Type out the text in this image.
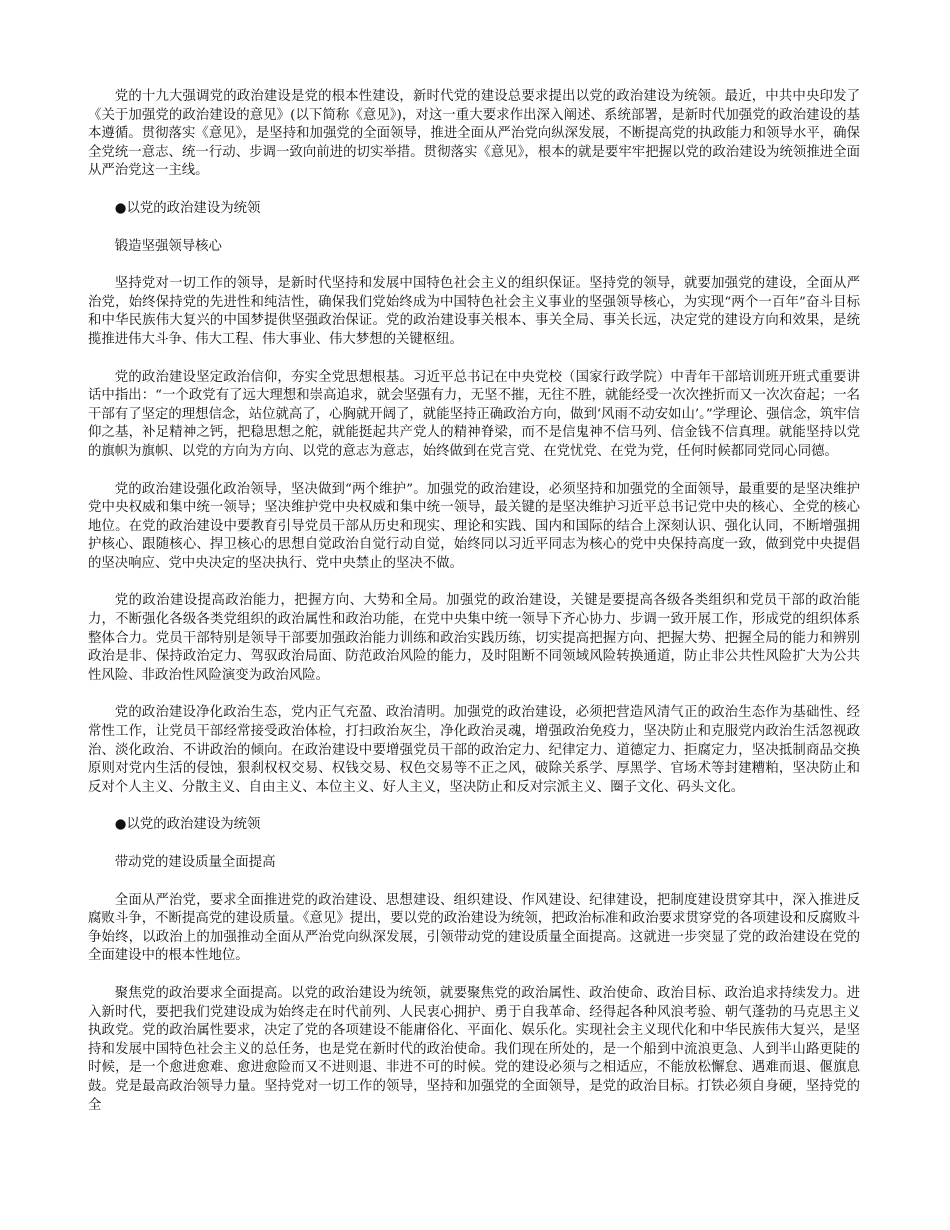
党的十九大强调党的政治建设是党的根本性建设，新时代党的建设总要求提出以党的政治建设为统领。最近，中共中央印发了《关于加强党的政治建设的意见》(以下简称《意见》)，对这一重大要求作出深入阐述、系统部署，是新时代加强党的政治建设的基本遵循。贯彻落实《意见》，是坚持和加强党的全面领导，推进全面从严治党向纵深发展，不断提高党的执政能力和领导水平，确保全党统一意志、统一行动、步调一致向前进的切实举措。贯彻落实《意见》，根本的就是要牢牢把握以党的政治建设为统领推进全面从严治党这一主线。

●以党的政治建设为统领

锻造坚强领导核心

坚持党对一切工作的领导，是新时代坚持和发展中国特色社会主义的组织保证。坚持党的领导，就要加强党的建设，全面从严治党，始终保持党的先进性和纯洁性，确保我们党始终成为中国特色社会主义事业的坚强领导核心，为实现“两个一百年”奋斗目标和中华民族伟大复兴的中国梦提供坚强政治保证。党的政治建设事关根本、事关全局、事关长远，决定党的建设方向和效果，是统揽推进伟大斗争、伟大工程、伟大事业、伟大梦想的关键枢纽。

党的政治建设坚定政治信仰，夯实全党思想根基。习近平总书记在中央党校（国家行政学院）中青年干部培训班开班式重要讲话中指出：“一个政党有了远大理想和崇高追求，就会坚强有力，无坚不摧，无往不胜，就能经受一次次挫折而又一次次奋起；一名干部有了坚定的理想信念，站位就高了，心胸就开阔了，就能坚持正确政治方向，做到‘风雨不动安如山’。”学理论、强信念，筑牢信仰之基，补足精神之钙，把稳思想之舵，就能挺起共产党人的精神脊梁，而不是信鬼神不信马列、信金钱不信真理。就能坚持以党的旗帜为旗帜、以党的方向为方向、以党的意志为意志，始终做到在党言党、在党忧党、在党为党，任何时候都同党同心同德。

党的政治建设强化政治领导，坚决做到“两个维护”。加强党的政治建设，必须坚持和加强党的全面领导，最重要的是坚决维护党中央权威和集中统一领导；坚决维护党中央权威和集中统一领导，最关键的是坚决维护习近平总书记党中央的核心、全党的核心地位。在党的政治建设中要教育引导党员干部从历史和现实、理论和实践、国内和国际的结合上深刻认识、强化认同，不断增强拥护核心、跟随核心、捍卫核心的思想自觉政治自觉行动自觉，始终同以习近平同志为核心的党中央保持高度一致，做到党中央提倡的坚决响应、党中央决定的坚决执行、党中央禁止的坚决不做。

党的政治建设提高政治能力，把握方向、大势和全局。加强党的政治建设，关键是要提高各级各类组织和党员干部的政治能力，不断强化各级各类党组织的政治属性和政治功能，在党中央集中统一领导下齐心协力、步调一致开展工作，形成党的组织体系整体合力。党员干部特别是领导干部要加强政治能力训练和政治实践历练，切实提高把握方向、把握大势、把握全局的能力和辨别政治是非、保持政治定力、驾驭政治局面、防范政治风险的能力，及时阻断不同领域风险转换通道，防止非公共性风险扩大为公共性风险、非政治性风险演变为政治风险。

党的政治建设净化政治生态，党内正气充盈、政治清明。加强党的政治建设，必须把营造风清气正的政治生态作为基础性、经常性工作，让党员干部经常接受政治体检，打扫政治灰尘，净化政治灵魂，增强政治免疫力，坚决防止和克服党内政治生活忽视政治、淡化政治、不讲政治的倾向。在政治建设中要增强党员干部的政治定力、纪律定力、道德定力、拒腐定力，坚决抵制商品交换原则对党内生活的侵蚀，狠刹权权交易、权钱交易、权色交易等不正之风，破除关系学、厚黑学、官场术等封建糟粕，坚决防止和反对个人主义、分散主义、自由主义、本位主义、好人主义，坚决防止和反对宗派主义、圈子文化、码头文化。

●以党的政治建设为统领

带动党的建设质量全面提高

全面从严治党，要求全面推进党的政治建设、思想建设、组织建设、作风建设、纪律建设，把制度建设贯穿其中，深入推进反腐败斗争，不断提高党的建设质量。《意见》提出，要以党的政治建设为统领，把政治标准和政治要求贯穿党的各项建设和反腐败斗争始终，以政治上的加强推动全面从严治党向纵深发展，引领带动党的建设质量全面提高。这就进一步突显了党的政治建设在党的全面建设中的根本性地位。

聚焦党的政治要求全面提高。以党的政治建设为统领，就要聚焦党的政治属性、政治使命、政治目标、政治追求持续发力。进入新时代，要把我们党建设成为始终走在时代前列、人民衷心拥护、勇于自我革命、经得起各种风浪考验、朝气蓬勃的马克思主义执政党。党的政治属性要求，决定了党的各项建设不能庸俗化、平面化、娱乐化。实现社会主义现代化和中华民族伟大复兴，是坚持和发展中国特色社会主义的总任务，也是党在新时代的政治使命。我们现在所处的，是一个船到中流浪更急、人到半山路更陡的时候，是一个愈进愈难、愈进愈险而又不进则退、非进不可的时候。党的建设必须与之相适应，不能放松懈怠、遇难而退、偃旗息鼓。党是最高政治领导力量。坚持党对一切工作的领导，坚持和加强党的全面领导，是党的政治目标。打铁必须自身硬，坚持党的全
